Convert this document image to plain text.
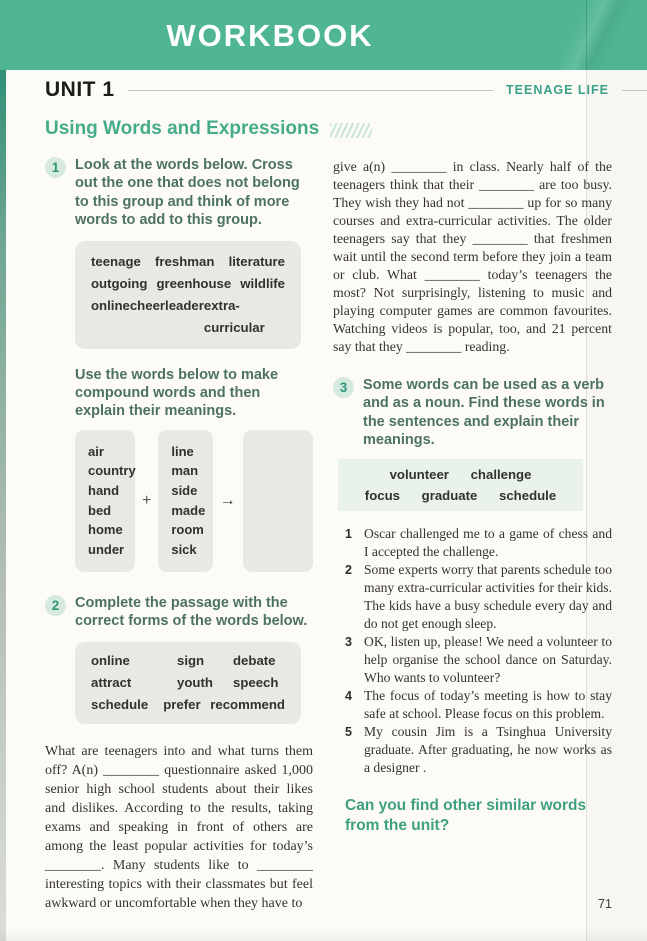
WORKBOOK
UNIT 1	TEENAGE LIFE
Using Words and Expressions
1	Look at the words below. Cross out the one that does not belong to this group and think of more words to add to this group.
teenage freshman literature
outgoing greenhouse wildlife
online cheerleader extra-curricular
Use the words below to make compound words and then explain their meanings.
air
country
hand
bed
home
under
+
line
man
side
made
room
sick
→
2	Complete the passage with the correct forms of the words below.
online	sign	debate
attract	youth	speech
schedule	prefer recommend
What are teenagers into and what turns them off? A(n) ________ questionnaire asked 1,000 senior high school students about their likes and dislikes. According to the results, taking exams and speaking in front of others are among the least popular activities for today’s ________. Many students like to ________ interesting topics with their classmates but feel awkward or uncomfortable when they have to
give a(n) ________ in class. Nearly half of the teenagers think that their ________ are too busy. They wish they had not ________ up for so many courses and extra-curricular activities. The older teenagers say that they ________ that freshmen wait until the second term before they join a team or club. What ________ today’s teenagers the most? Not surprisingly, listening to music and playing computer games are common favourites. Watching videos is popular, too, and 21 percent say that they ________ reading.
3	Some words can be used as a verb and as a noun. Find these words in the sentences and explain their meanings.
volunteer challenge
focus graduate schedule
1 Oscar challenged me to a game of chess and I accepted the challenge.
2 Some experts worry that parents schedule too many extra-curricular activities for their kids. The kids have a busy schedule every day and do not get enough sleep.
3 OK, listen up, please! We need a volunteer to help organise the school dance on Saturday. Who wants to volunteer?
4 The focus of today’s meeting is how to stay safe at school. Please focus on this problem.
5 My cousin Jim is a Tsinghua University graduate. After graduating, he now works as a designer .
Can you find other similar words from the unit?
71
